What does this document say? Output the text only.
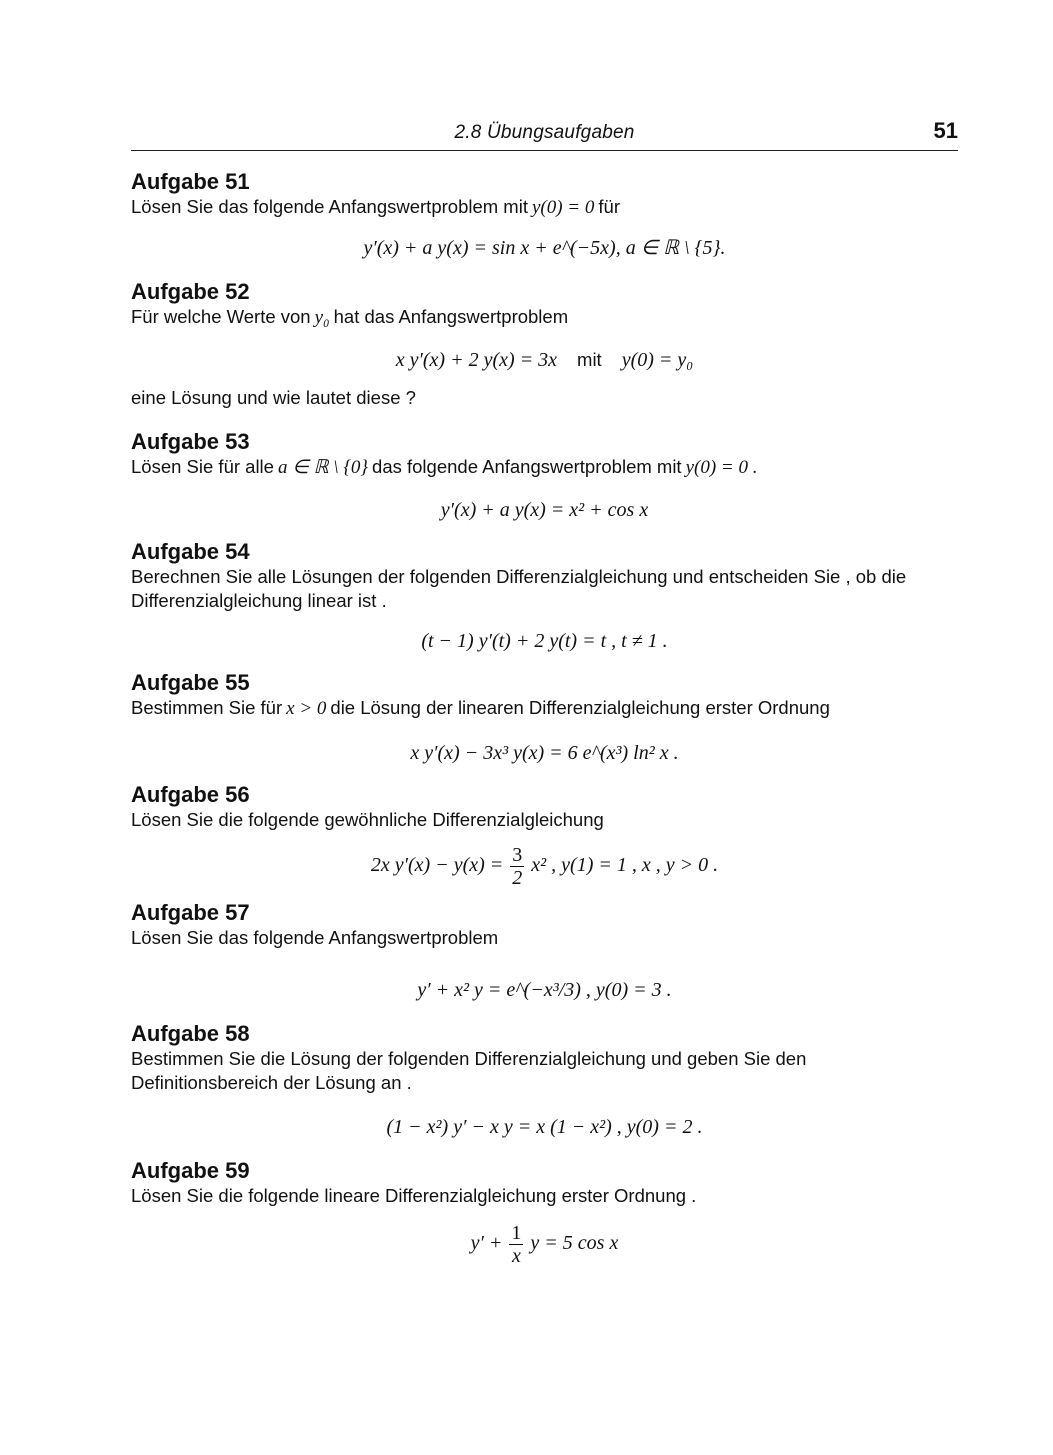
2.8 Übungsaufgaben	51

Aufgabe 51

Lösen Sie das folgende Anfangswertproblem mit y(0) = 0 für

y′(x) + a y(x) = sin x + e^(−5x), a ∈ ℝ \ {5}.

Aufgabe 52

Für welche Werte von y₀ hat das Anfangswertproblem

x y′(x) + 2 y(x) = 3x mit y(0) = y₀

eine Lösung und wie lautet diese ?

Aufgabe 53

Lösen Sie für alle a ∈ ℝ \ {0} das folgende Anfangswertproblem mit y(0) = 0 .

y′(x) + a y(x) = x² + cos x

Aufgabe 54

Berechnen Sie alle Lösungen der folgenden Differenzialgleichung und entscheiden Sie , ob die Differenzialgleichung linear ist .

(t − 1) y′(t) + 2 y(t) = t , t ≠ 1 .

Aufgabe 55

Bestimmen Sie für x > 0 die Lösung der linearen Differenzialgleichung erster Ordnung

x y′(x) − 3x³ y(x) = 6 e^(x³) ln² x .

Aufgabe 56

Lösen Sie die folgende gewöhnliche Differenzialgleichung

2x $y'(x) - y(x) = \frac{3}{2} x^2$ , y(1) = 1 , x , y > 0 .

Aufgabe 57

Lösen Sie das folgende Anfangswertproblem

y′ + x² y = e^(−x³/3) , y(0) = 3 .

Aufgabe 58

Bestimmen Sie die Lösung der folgenden Differenzialgleichung und geben Sie den Definitionsbereich der Lösung an .

(1 − x²) y′ − x y = x (1 − x²) , y(0) = 2 .

Aufgabe 59

Lösen Sie die folgende lineare Differenzialgleichung erster Ordnung .

$y' + \frac{1}{x}$ y = 5 cos x
